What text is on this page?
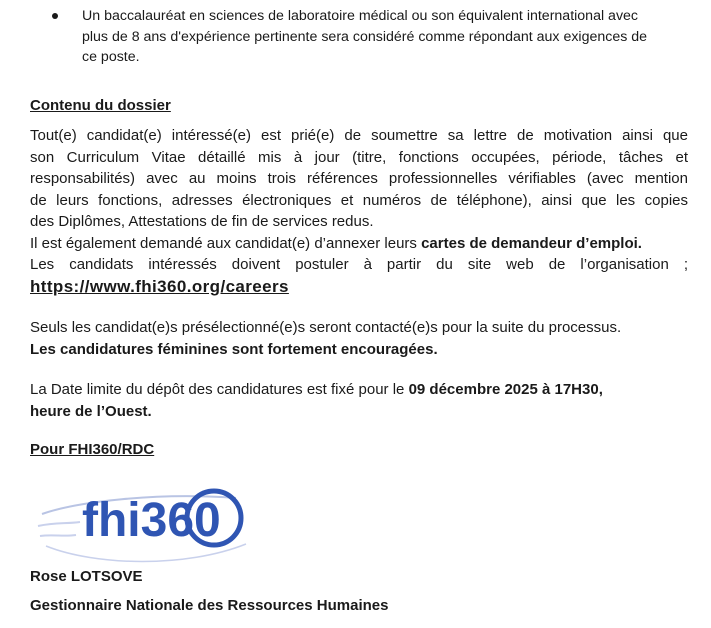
Un baccalauréat en sciences de laboratoire médical ou son équivalent international avec
plus de 8 ans d'expérience pertinente sera considéré comme répondant aux exigences de
ce poste.
Contenu du dossier
Tout(e) candidat(e) intéressé(e) est prié(e) de soumettre sa lettre de motivation ainsi que
son Curriculum Vitae détaillé mis à jour (titre, fonctions occupées, période, tâches et
responsabilités) avec au moins trois références professionnelles vérifiables (avec mention
de leurs fonctions, adresses électroniques et numéros de téléphone), ainsi que les copies
des Diplômes, Attestations de fin de services redus.
Il est également demandé aux candidat(e) d’annexer leurs cartes de demandeur d’emploi.
Les candidats intéressés doivent postuler à partir du site web de l’organisation ;
https://www.fhi360.org/careers
Seuls les candidat(e)s présélectionné(e)s seront contacté(e)s pour la suite du processus.
Les candidatures féminines sont fortement encouragées.
La Date limite du dépôt des candidatures est fixé pour le 09 décembre 2025 à 17H30,
heure de l’Ouest.
Pour FHI360/RDC
fhi360
Rose LOTSOVE
Gestionnaire Nationale des Ressources Humaines
